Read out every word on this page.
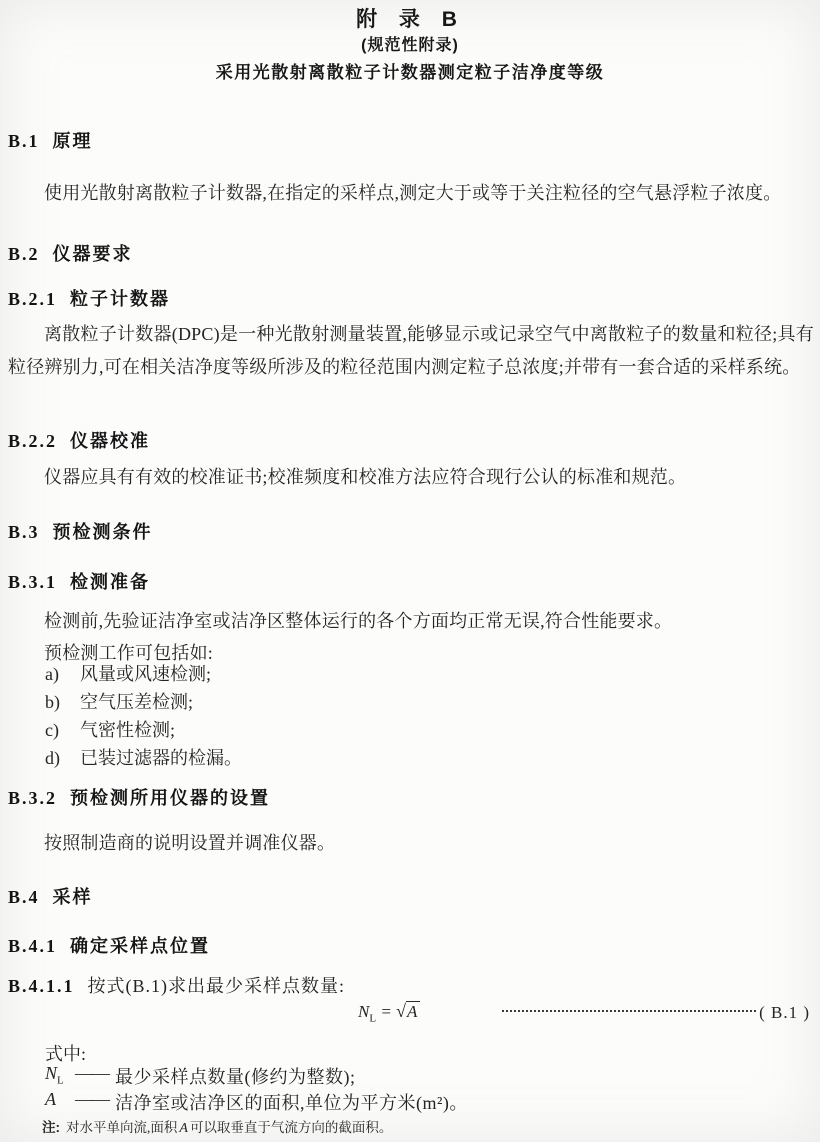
附 录 B
(规范性附录)
采用光散射离散粒子计数器测定粒子洁净度等级
B.1 原理
使用光散射离散粒子计数器,在指定的采样点,测定大于或等于关注粒径的空气悬浮粒子浓度。
B.2 仪器要求
B.2.1 粒子计数器
离散粒子计数器(DPC)是一种光散射测量装置,能够显示或记录空气中离散粒子的数量和粒径;具有粒径辨别力,可在相关洁净度等级所涉及的粒径范围内测定粒子总浓度;并带有一套合适的采样系统。
B.2.2 仪器校准
仪器应具有有效的校准证书;校准频度和校准方法应符合现行公认的标准和规范。
B.3 预检测条件
B.3.1 检测准备
检测前,先验证洁净室或洁净区整体运行的各个方面均正常无误,符合性能要求。
预检测工作可包括如:
a)	风量或风速检测;
b)	空气压差检测;
c)	气密性检测;
d)	已装过滤器的检漏。
B.3.2 预检测所用仪器的设置
按照制造商的说明设置并调准仪器。
B.4 采样
B.4.1 确定采样点位置
B.4.1.1 按式(B.1)求出最少采样点数量:
$N_L = √A$	( B.1 )
式中:
$N_L$ —— 最少采样点数量(修约为整数);
A	—— 洁净室或洁净区的面积,单位为平方米(m²)。
注: 对水平单向流,面积 A 可以取垂直于气流方向的截面积。
